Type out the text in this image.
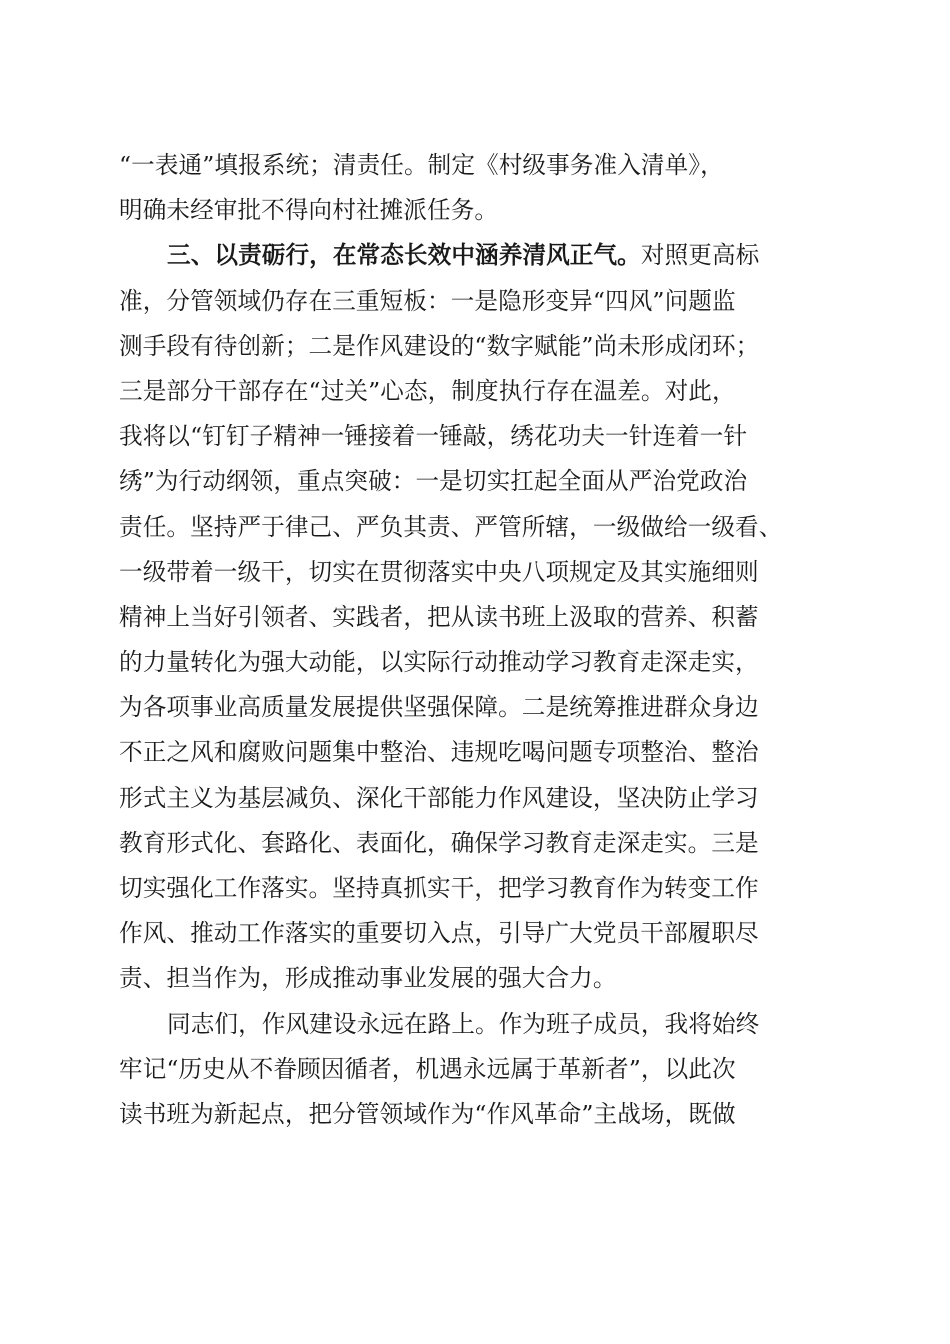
“一表通”填报系统；清责任。制定《村级事务准入清单》，
明确未经审批不得向村社摊派任务。
三、以责砺行，在常态长效中涵养清风正气。对照更高标
准，分管领域仍存在三重短板：一是隐形变异“四风”问题监
测手段有待创新；二是作风建设的“数字赋能”尚未形成闭环；
三是部分干部存在“过关”心态，制度执行存在温差。对此，
我将以“钉钉子精神一锤接着一锤敲，绣花功夫一针连着一针
绣”为行动纲领，重点突破：一是切实扛起全面从严治党政治
责任。坚持严于律己、严负其责、严管所辖，一级做给一级看、
一级带着一级干，切实在贯彻落实中央八项规定及其实施细则
精神上当好引领者、实践者，把从读书班上汲取的营养、积蓄
的力量转化为强大动能，以实际行动推动学习教育走深走实，
为各项事业高质量发展提供坚强保障。二是统筹推进群众身边
不正之风和腐败问题集中整治、违规吃喝问题专项整治、整治
形式主义为基层减负、深化干部能力作风建设，坚决防止学习
教育形式化、套路化、表面化，确保学习教育走深走实。三是
切实强化工作落实。坚持真抓实干，把学习教育作为转变工作
作风、推动工作落实的重要切入点，引导广大党员干部履职尽
责、担当作为，形成推动事业发展的强大合力。
同志们，作风建设永远在路上。作为班子成员，我将始终
牢记“历史从不眷顾因循者，机遇永远属于革新者”，以此次
读书班为新起点，把分管领域作为“作风革命”主战场，既做
